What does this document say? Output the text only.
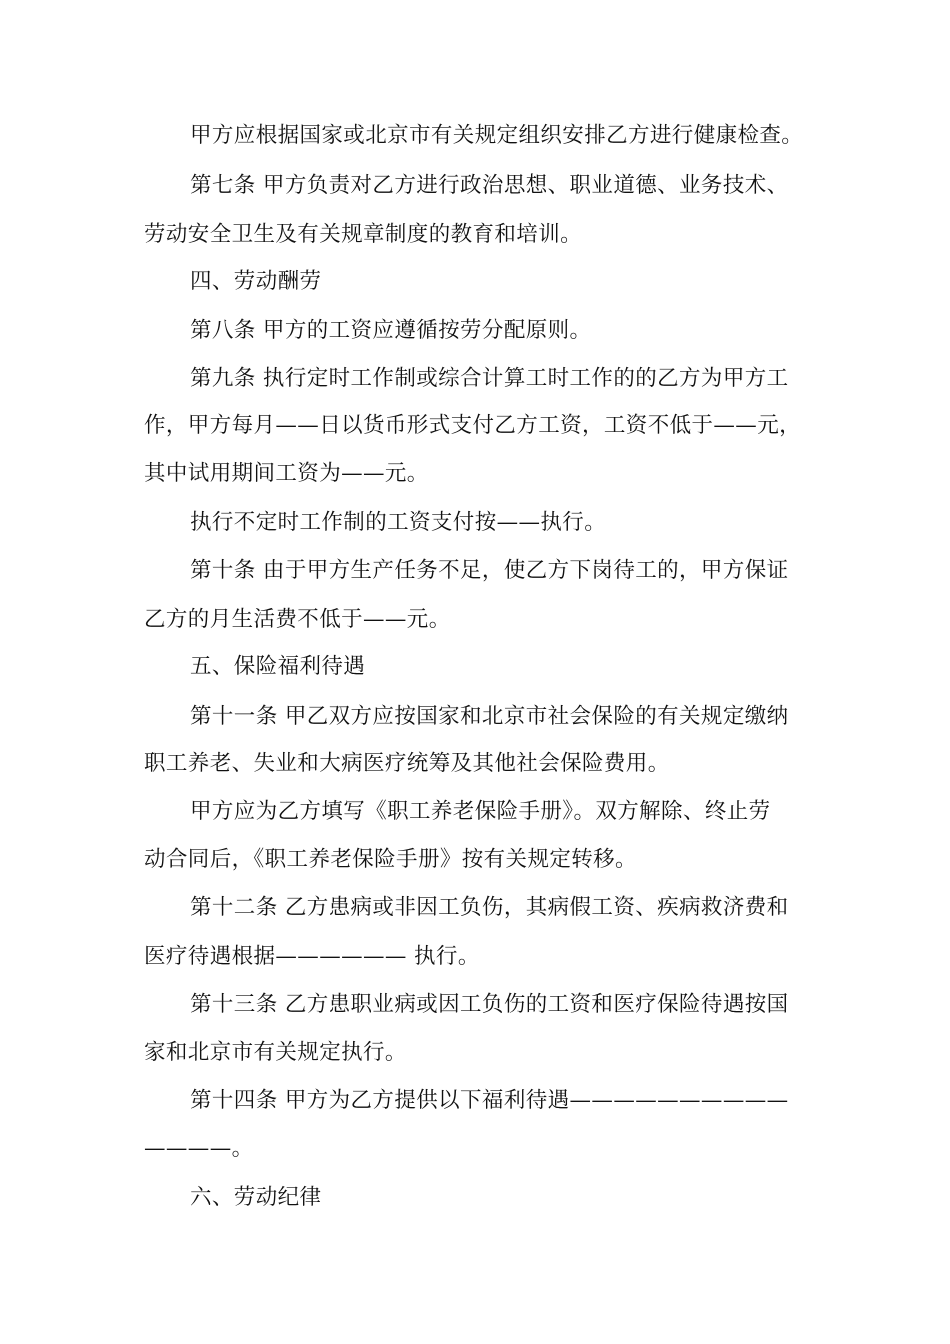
甲方应根据国家或北京市有关规定组织安排乙方进行健康检查。
第七条 甲方负责对乙方进行政治思想、职业道德、业务技术、
劳动安全卫生及有关规章制度的教育和培训。
四、劳动酬劳
第八条 甲方的工资应遵循按劳分配原则。
第九条 执行定时工作制或综合计算工时工作的的乙方为甲方工
作，甲方每月——日以货币形式支付乙方工资，工资不低于——元，
其中试用期间工资为——元。
执行不定时工作制的工资支付按——执行。
第十条 由于甲方生产任务不足，使乙方下岗待工的，甲方保证
乙方的月生活费不低于——元。
五、保险福利待遇
第十一条 甲乙双方应按国家和北京市社会保险的有关规定缴纳
职工养老、失业和大病医疗统筹及其他社会保险费用。
甲方应为乙方填写《职工养老保险手册》。双方解除、终止劳
动合同后，《职工养老保险手册》按有关规定转移。
第十二条 乙方患病或非因工负伤，其病假工资、疾病救济费和
医疗待遇根据—————— 执行。
第十三条 乙方患职业病或因工负伤的工资和医疗保险待遇按国
家和北京市有关规定执行。
第十四条 甲方为乙方提供以下福利待遇——————————
————。
六、劳动纪律
